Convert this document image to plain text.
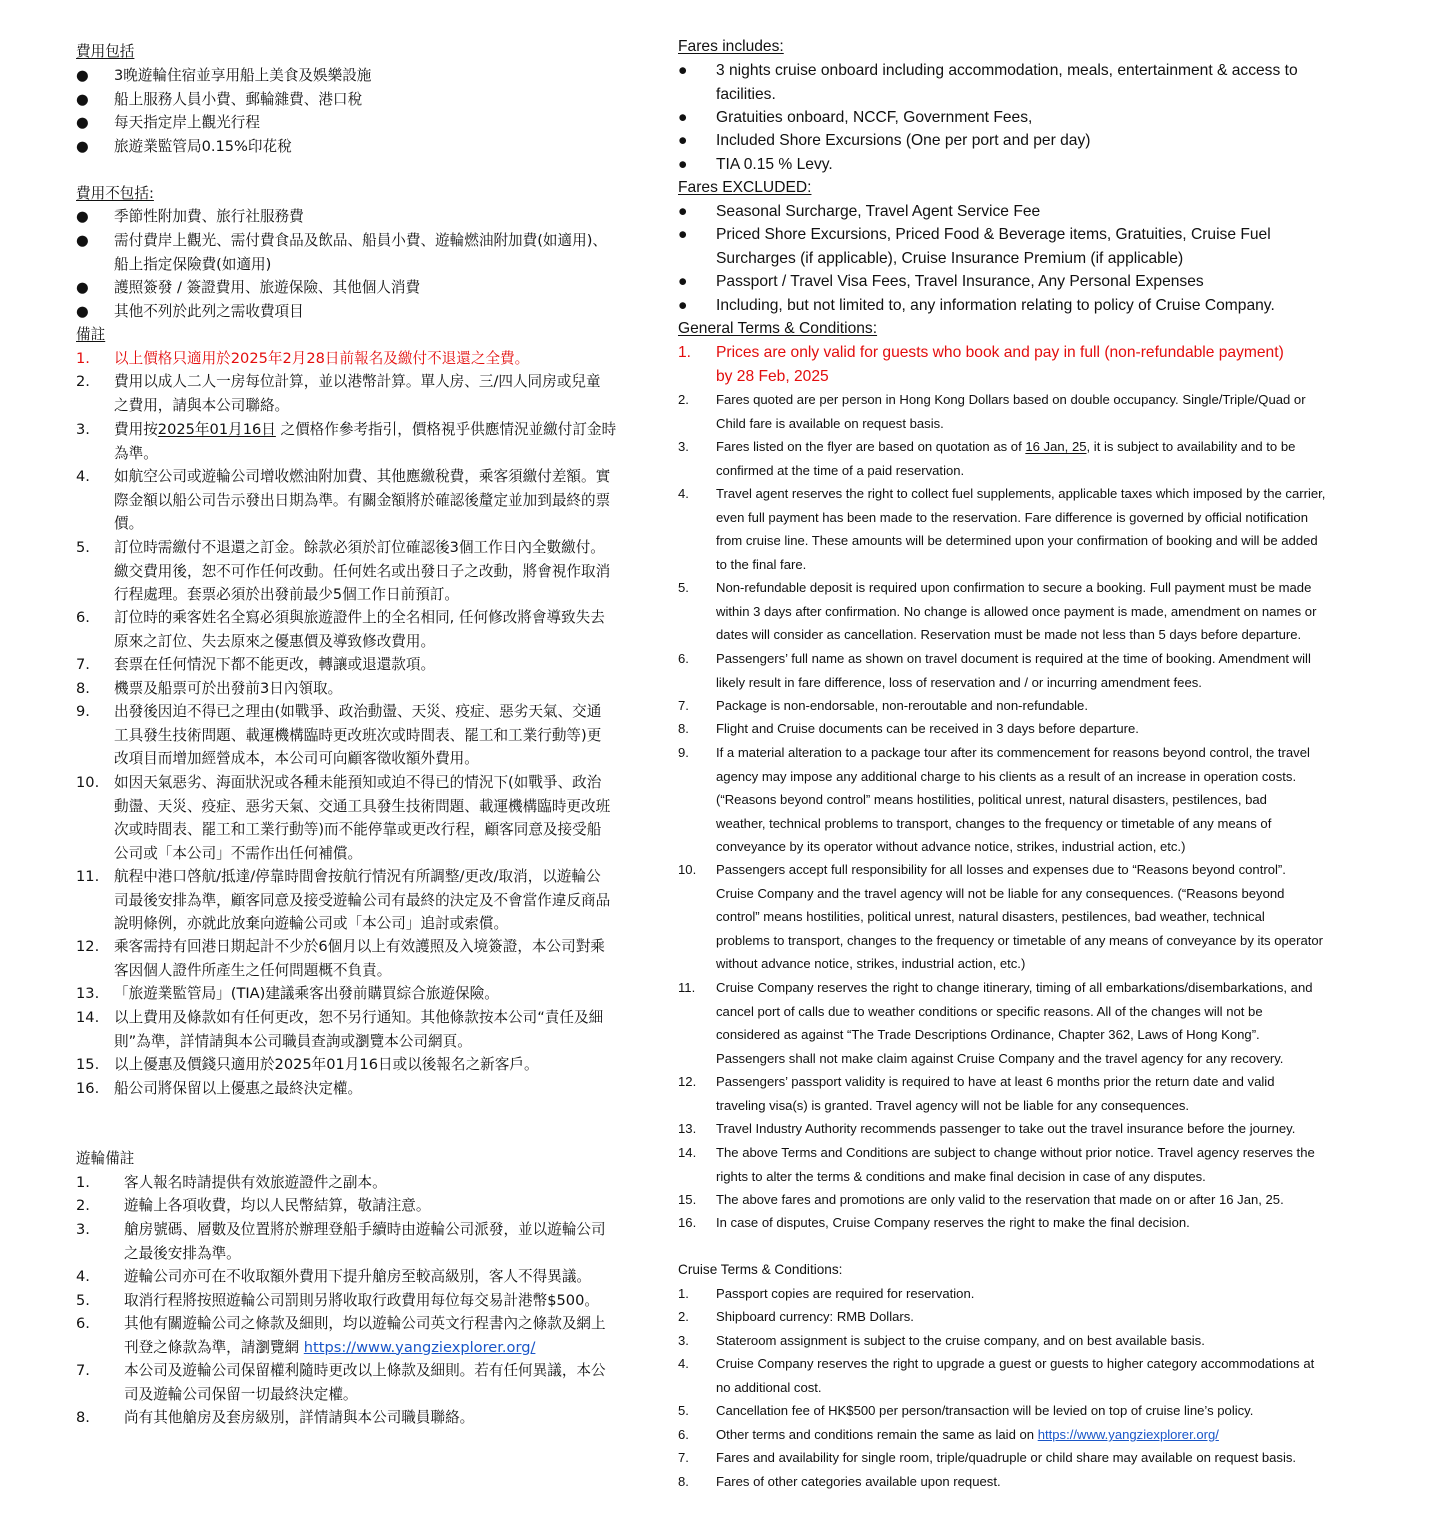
費用包括
● 3晚遊輪住宿並享用船上美食及娛樂設施
● 船上服務人員小費、郵輪雜費、港口稅
● 每天指定岸上觀光行程
● 旅遊業監管局0.15%印花稅
費用不包括:
● 季節性附加費、旅行社服務費
● 需付費岸上觀光、需付費食品及飲品、船員小費、遊輪燃油附加費(如適用)、
船上指定保險費(如適用)
● 護照簽發 / 簽證費用、旅遊保險、其他個人消費
● 其他不列於此列之需收費項目
備註
1. 以上價格只適用於2025年2月28日前報名及繳付不退還之全費。
2. 費用以成人二人一房每位計算，並以港幣計算。單人房、三/四人同房或兒童
之費用，請與本公司聯絡。
3. 費用按2025年01月16日 之價格作參考指引，價格視乎供應情況並繳付訂金時
為準。
4. 如航空公司或遊輪公司增收燃油附加費、其他應繳稅費，乘客須繳付差額。實
際金額以船公司告示發出日期為準。有關金額將於確認後釐定並加到最終的票
價。
5. 訂位時需繳付不退還之訂金。餘款必須於訂位確認後3個工作日內全數繳付。
繳交費用後，恕不可作任何改動。任何姓名或出發日子之改動，將會視作取消
行程處理。套票必須於出發前最少5個工作日前預訂。
6. 訂位時的乘客姓名全寫必須與旅遊證件上的全名相同, 任何修改將會導致失去
原來之訂位、失去原來之優惠價及導致修改費用。
7. 套票在任何情況下都不能更改，轉讓或退還款項。
8. 機票及船票可於出發前3日內領取。
9. 出發後因迫不得已之理由(如戰爭、政治動盪、天災、疫症、惡劣天氣、交通
工具發生技術問題、載運機構臨時更改班次或時間表、罷工和工業行動等)更
改項目而增加經營成本，本公司可向顧客徵收額外費用。
10. 如因天氣惡劣、海面狀況或各種未能預知或迫不得已的情況下(如戰爭、政治
動盪、天災、疫症、惡劣天氣、交通工具發生技術問題、載運機構臨時更改班
次或時間表、罷工和工業行動等)而不能停靠或更改行程，顧客同意及接受船
公司或「本公司」不需作出任何補償。
11. 航程中港口啓航/抵達/停靠時間會按航行情況有所調整/更改/取消，以遊輪公
司最後安排為準，顧客同意及接受遊輪公司有最終的決定及不會當作違反商品
說明條例，亦就此放棄向遊輪公司或「本公司」追討或索償。
12. 乘客需持有回港日期起計不少於6個月以上有效護照及入境簽證，本公司對乘
客因個人證件所產生之任何問題概不負責。
13. 「旅遊業監管局」(TIA)建議乘客出發前購買綜合旅遊保險。
14. 以上費用及條款如有任何更改，恕不另行通知。其他條款按本公司“責任及細
則”為準，詳情請與本公司職員查詢或瀏覽本公司網頁。
15. 以上優惠及價錢只適用於2025年01月16日或以後報名之新客戶。
16. 船公司將保留以上優惠之最終決定權。
遊輪備註
1. 客人報名時請提供有效旅遊證件之副本。
2. 遊輪上各項收費，均以人民幣結算，敬請注意。
3. 艙房號碼、層數及位置將於辦理登船手續時由遊輪公司派發，並以遊輪公司
之最後安排為準。
4. 遊輪公司亦可在不收取額外費用下提升艙房至較高級別，客人不得異議。
5. 取消行程將按照遊輪公司罰則另將收取行政費用每位每交易計港幣$500。
6. 其他有關遊輪公司之條款及細則，均以遊輪公司英文行程書內之條款及網上
刊登之條款為準，請瀏覽網 https://www.yangziexplorer.org/
7. 本公司及遊輪公司保留權利隨時更改以上條款及細則。若有任何異議，本公
司及遊輪公司保留一切最終決定權。
8. 尚有其他艙房及套房級別，詳情請與本公司職員聯絡。
Fares includes:
● 3 nights cruise onboard including accommodation, meals, entertainment & access to
facilities.
● Gratuities onboard, NCCF, Government Fees,
● Included Shore Excursions (One per port and per day)
● TIA 0.15 % Levy.
Fares EXCLUDED:
● Seasonal Surcharge, Travel Agent Service Fee
● Priced Shore Excursions, Priced Food & Beverage items, Gratuities, Cruise Fuel
Surcharges (if applicable), Cruise Insurance Premium (if applicable)
● Passport / Travel Visa Fees, Travel Insurance, Any Personal Expenses
● Including, but not limited to, any information relating to policy of Cruise Company.
General Terms & Conditions:
1. Prices are only valid for guests who book and pay in full (non-refundable payment)
by 28 Feb, 2025
2. Fares quoted are per person in Hong Kong Dollars based on double occupancy. Single/Triple/Quad or
Child fare is available on request basis.
3. Fares listed on the flyer are based on quotation as of 16 Jan, 25, it is subject to availability and to be
confirmed at the time of a paid reservation.
4. Travel agent reserves the right to collect fuel supplements, applicable taxes which imposed by the carrier,
even full payment has been made to the reservation. Fare difference is governed by official notification
from cruise line. These amounts will be determined upon your confirmation of booking and will be added
to the final fare.
5. Non-refundable deposit is required upon confirmation to secure a booking. Full payment must be made
within 3 days after confirmation. No change is allowed once payment is made, amendment on names or
dates will consider as cancellation. Reservation must be made not less than 5 days before departure.
6. Passengers’ full name as shown on travel document is required at the time of booking. Amendment will
likely result in fare difference, loss of reservation and / or incurring amendment fees.
7. Package is non-endorsable, non-reroutable and non-refundable.
8. Flight and Cruise documents can be received in 3 days before departure.
9. If a material alteration to a package tour after its commencement for reasons beyond control, the travel
agency may impose any additional charge to his clients as a result of an increase in operation costs.
(“Reasons beyond control” means hostilities, political unrest, natural disasters, pestilences, bad
weather, technical problems to transport, changes to the frequency or timetable of any means of
conveyance by its operator without advance notice, strikes, industrial action, etc.)
10. Passengers accept full responsibility for all losses and expenses due to “Reasons beyond control”.
Cruise Company and the travel agency will not be liable for any consequences. (“Reasons beyond
control” means hostilities, political unrest, natural disasters, pestilences, bad weather, technical
problems to transport, changes to the frequency or timetable of any means of conveyance by its operator
without advance notice, strikes, industrial action, etc.)
11. Cruise Company reserves the right to change itinerary, timing of all embarkations/disembarkations, and
cancel port of calls due to weather conditions or specific reasons. All of the changes will not be
considered as against “The Trade Descriptions Ordinance, Chapter 362, Laws of Hong Kong”.
Passengers shall not make claim against Cruise Company and the travel agency for any recovery.
12. Passengers’ passport validity is required to have at least 6 months prior the return date and valid
traveling visa(s) is granted. Travel agency will not be liable for any consequences.
13. Travel Industry Authority recommends passenger to take out the travel insurance before the journey.
14. The above Terms and Conditions are subject to change without prior notice. Travel agency reserves the
rights to alter the terms & conditions and make final decision in case of any disputes.
15. The above fares and promotions are only valid to the reservation that made on or after 16 Jan, 25.
16. In case of disputes, Cruise Company reserves the right to make the final decision.
Cruise Terms & Conditions:
1. Passport copies are required for reservation.
2. Shipboard currency: RMB Dollars.
3. Stateroom assignment is subject to the cruise company, and on best available basis.
4. Cruise Company reserves the right to upgrade a guest or guests to higher category accommodations at
no additional cost.
5. Cancellation fee of HK$500 per person/transaction will be levied on top of cruise line’s policy.
6. Other terms and conditions remain the same as laid on https://www.yangziexplorer.org/
7. Fares and availability for single room, triple/quadruple or child share may available on request basis.
8. Fares of other categories available upon request.
